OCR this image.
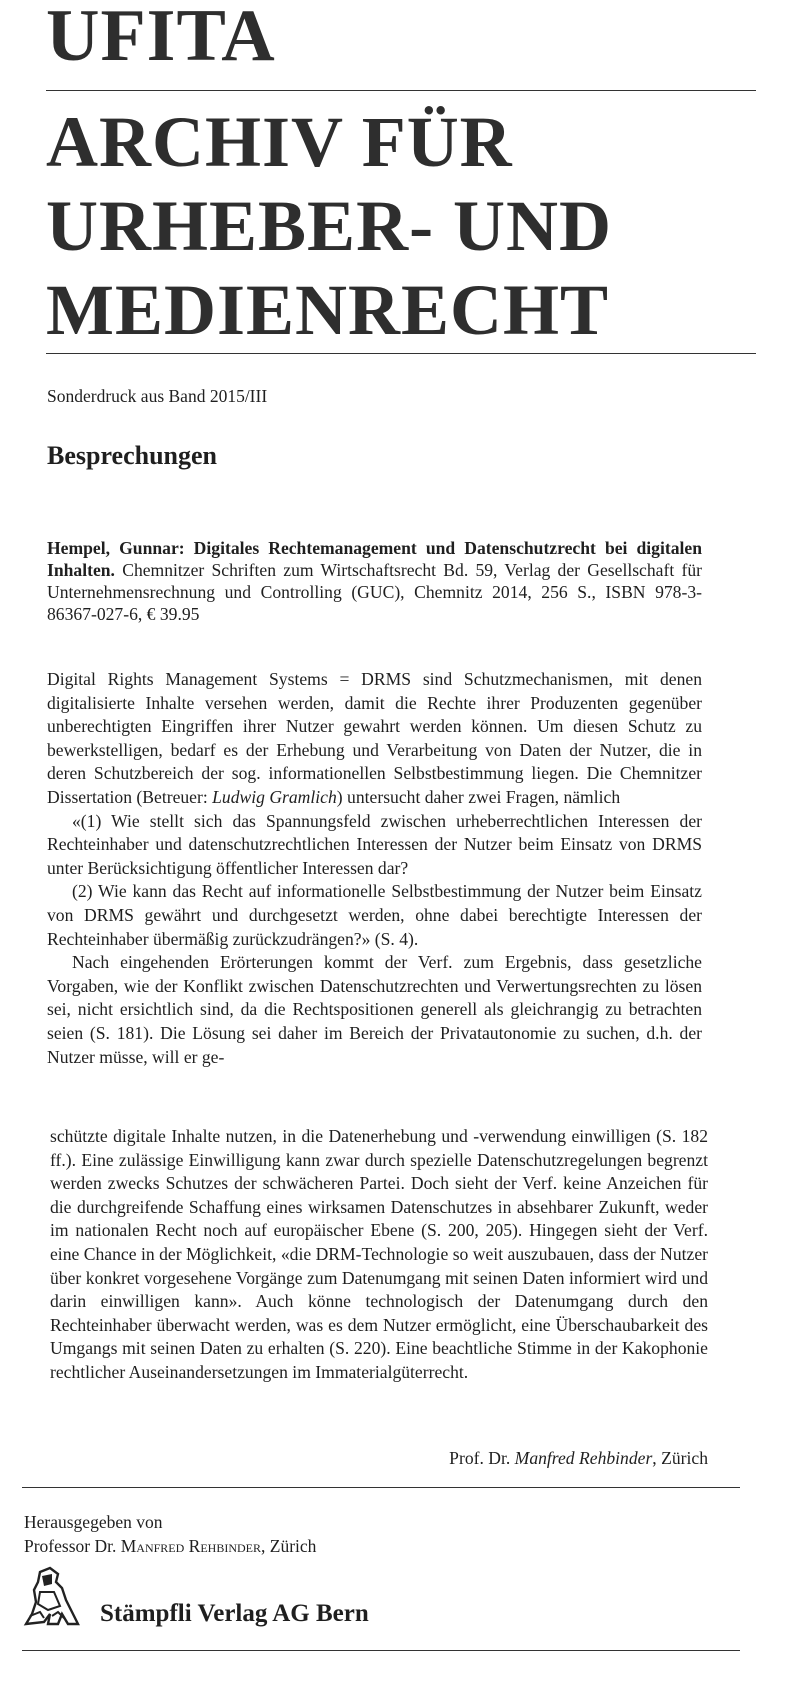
UFITA
ARCHIV FÜR
URHEBER- UND
MEDIENRECHT

Sonderdruck aus Band 2015/III

Besprechungen

Hempel, Gunnar: Digitales Rechtemanagement und Datenschutzrecht bei digitalen Inhalten. Chemnitzer Schriften zum Wirtschaftsrecht Bd. 59, Verlag der Gesellschaft für Unternehmensrechnung und Controlling (GUC), Chemnitz 2014, 256 S., ISBN 978-3-86367-027-6, € 39.95

Digital Rights Management Systems = DRMS sind Schutzmechanismen, mit denen digitalisierte Inhalte versehen werden, damit die Rechte ihrer Produzenten gegenüber unberechtigten Eingriffen ihrer Nutzer gewahrt werden können. Um diesen Schutz zu bewerkstelligen, bedarf es der Erhebung und Verarbeitung von Daten der Nutzer, die in deren Schutzbereich der sog. informationellen Selbstbestimmung liegen. Die Chemnitzer Dissertation (Betreuer: Ludwig Gramlich) untersucht daher zwei Fragen, nämlich

«(1) Wie stellt sich das Spannungsfeld zwischen urheberrechtlichen Interessen der Rechteinhaber und datenschutzrechtlichen Interessen der Nutzer beim Einsatz von DRMS unter Berücksichtigung öffentlicher Interessen dar?

(2) Wie kann das Recht auf informationelle Selbstbestimmung der Nutzer beim Einsatz von DRMS gewährt und durchgesetzt werden, ohne dabei berechtigte Interessen der Rechteinhaber übermäßig zurückzudrängen?» (S. 4).

Nach eingehenden Erörterungen kommt der Verf. zum Ergebnis, dass gesetzliche Vorgaben, wie der Konflikt zwischen Datenschutzrechten und Verwertungsrechten zu lösen sei, nicht ersichtlich sind, da die Rechtspositionen generell als gleichrangig zu betrachten seien (S. 181). Die Lösung sei daher im Bereich der Privatautonomie zu suchen, d.h. der Nutzer müsse, will er ge-

schützte digitale Inhalte nutzen, in die Datenerhebung und -verwendung einwilligen (S. 182 ff.). Eine zulässige Einwilligung kann zwar durch spezielle Datenschutzregelungen begrenzt werden zwecks Schutzes der schwächeren Partei. Doch sieht der Verf. keine Anzeichen für die durchgreifende Schaffung eines wirksamen Datenschutzes in absehbarer Zukunft, weder im nationalen Recht noch auf europäischer Ebene (S. 200, 205). Hingegen sieht der Verf. eine Chance in der Möglichkeit, «die DRM-Technologie so weit auszubauen, dass der Nutzer über konkret vorgesehene Vorgänge zum Datenumgang mit seinen Daten informiert wird und darin einwilligen kann». Auch könne technologisch der Datenumgang durch den Rechteinhaber überwacht werden, was es dem Nutzer ermöglicht, eine Überschaubarkeit des Umgangs mit seinen Daten zu erhalten (S. 220). Eine beachtliche Stimme in der Kakophonie rechtlicher Auseinandersetzungen im Immaterialgüterrecht.

Prof. Dr. Manfred Rehbinder, Zürich

Herausgegeben von
Professor Dr. Manfred Rehbinder, Zürich

Stämpfli Verlag AG Bern
